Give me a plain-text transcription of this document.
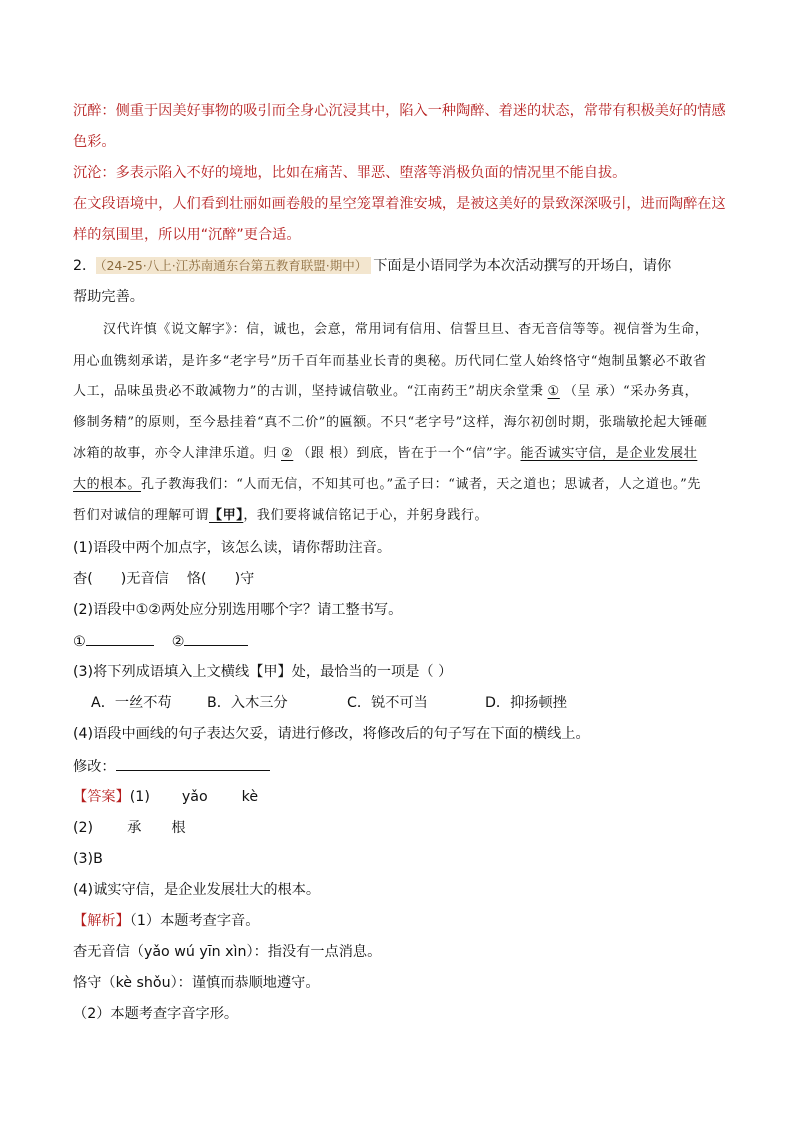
沉醉：侧重于因美好事物的吸引而全身心沉浸其中，陷入一种陶醉、着迷的状态，常带有积极美好的情感
色彩。
沉沦：多表示陷入不好的境地，比如在痛苦、罪恶、堕落等消极负面的情况里不能自拔。
在文段语境中，人们看到壮丽如画卷般的星空笼罩着淮安城，是被这美好的景致深深吸引，进而陶醉在这
样的氛围里，所以用“沉醉”更合适。
2． （24-25·八上·江苏南通东台第五教育联盟·期中） 下面是小语同学为本次活动撰写的开场白，请你
帮助完善。
汉代许慎《说文解字》：信，诚也，会意，常用词有信用、信誓旦旦、杳无音信等等。视信誉为生命，
用心血镌刻承诺，是许多“老字号”历千百年而基业长青的奥秘。历代同仁堂人始终恪守“炮制虽繁必不敢省
人工，品味虽贵必不敢减物力”的古训，坚持诚信敬业。“江南药王”胡庆余堂秉 ① （呈 承）“采办务真，
修制务精”的原则，至今悬挂着“真不二价”的匾额。不只“老字号”这样，海尔初创时期，张瑞敏抡起大锤砸
冰箱的故事，亦令人津津乐道。归 ② （跟 根）到底，皆在于一个“信”字。能否诚实守信，是企业发展壮
大的根本。孔子教海我们：“人而无信，不知其可也。”孟子曰：“诚者，天之道也；思诚者，人之道也。”先
哲们对诚信的理解可谓【甲】，我们要将诚信铭记于心，并躬身践行。
(1)语段中两个加点字，该怎么读，请你帮助注音。
杳( )无音信 恪( )守
(2)语段中①②两处应分别选用哪个字？请工整书写。
①	②
(3)将下列成语填入上文横线【甲】处，最恰当的一项是（ ）
A．一丝不苟 B．入木三分	C．锐不可当	D．抑扬顿挫
(4)语段中画线的句子表达欠妥，请进行修改，将修改后的句子写在下面的横线上。
修改：
【答案】(1) yǎo kè
(2) 承 根
(3)B
(4)诚实守信，是企业发展壮大的根本。
【解析】（1）本题考查字音。
杳无音信（yǎo wú yīn xìn）：指没有一点消息。
恪守（kè shǒu）：谨慎而恭顺地遵守。
（2）本题考查字音字形。
